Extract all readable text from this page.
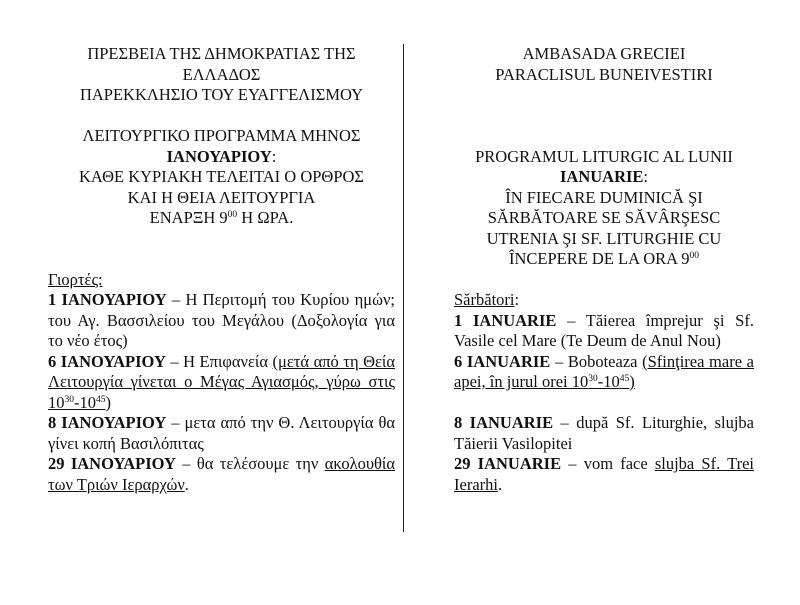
ΠΡΕΣΒΕΙΑ ΤΗΣ ΔΗΜΟΚΡΑΤΙΑΣ ΤΗΣ ΕΛΛΑΔΟΣ
ΠΑΡΕΚΚΛΗΣΙΟ ΤΟΥ ΕΥΑΓΓΕΛΙΣΜΟΥ
ΛΕΙΤΟΥΡΓΙΚΟ ΠΡΟΓΡΑΜΜΑ ΜΗΝΟΣ
ΙΑΝΟΥΑΡΙΟΥ:
ΚΑΘΕ ΚΥΡΙΑΚΗ ΤΕΛΕΙΤΑΙ Ο ΟΡΘΡΟΣ
ΚΑΙ Η ΘΕΙΑ ΛΕΙΤΟΥΡΓΙΑ
ΕΝΑΡΞΗ $9^{00}$ Η ΩΡΑ.
Γιορτές:
1 ΙΑΝΟΥΑΡΙΟΥ – Η Περιτομή του Κυρίου ημών; του Αγ. Βασσιλείου του Μεγάλου (Δοξολογία για το νέο έτος)
6 ΙΑΝΟΥΑΡΙΟΥ – Η Επιφανεία (μετά από τη Θεία Λειτουργία γίνεται ο Μέγας Αγιασμός, γύρω στις $10^{30}-10^{45}$)
8 ΙΑΝΟΥΑΡΙΟΥ – μετα από την Θ. Λειτουργία θα γίνει κοπή Βασιλόπιτας
29 ΙΑΝΟΥΑΡΙΟΥ – θα τελέσουμε την ακολουθία των Τριών Ιεραρχών.
AMBASADA GRECIEI
PARACLISUL BUNEIVESTIRI
PROGRAMUL LITURGIC AL LUNII
IANUARIE:
ÎN FIECARE DUMINICĂ ŞI
SĂRBĂTOARE SE SĂVÂRŞESC
UTRENIA ŞI SF. LITURGHIE CU
ÎNCEPERE DE LA ORA $9^{00}$
Sărbători:
1 IANUARIE – Tăierea împrejur şi Sf. Vasile cel Mare (Te Deum de Anul Nou)
6 IANUARIE – Boboteaza (Sfinţirea mare a apei, în jurul orei $10^{30}-10^{45}$)
8 IANUARIE – după Sf. Liturghie, slujba Tăierii Vasilopitei
29 IANUARIE – vom face slujba Sf. Trei Ierarhi.
